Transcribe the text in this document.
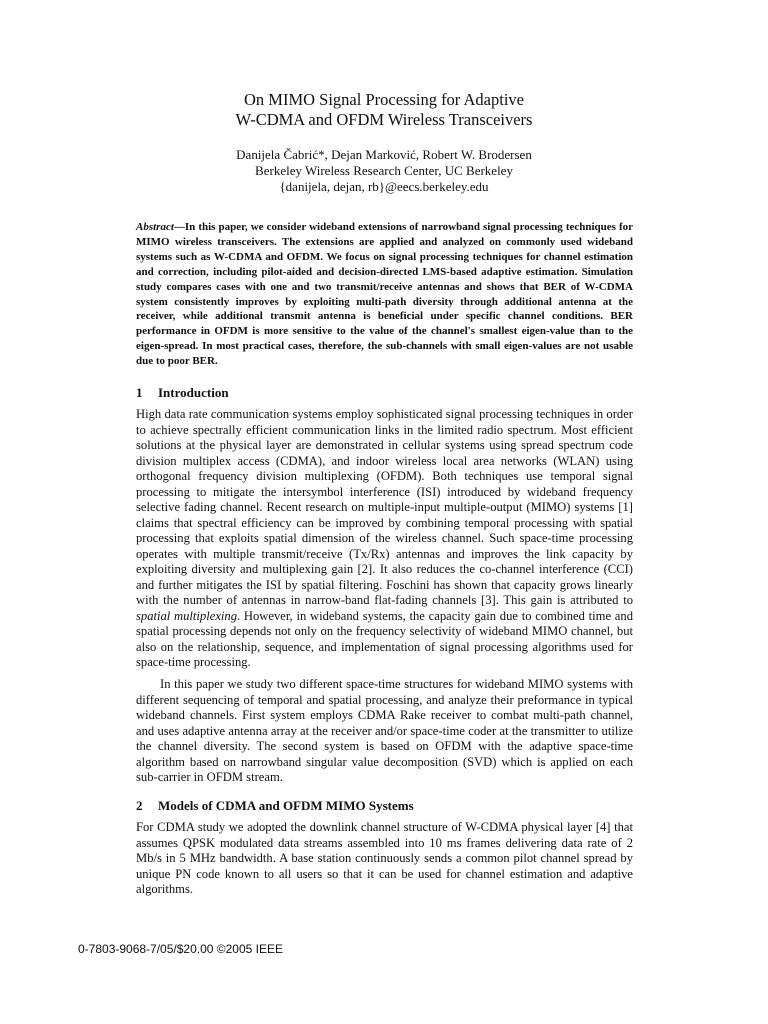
On MIMO Signal Processing for Adaptive
W-CDMA and OFDM Wireless Transceivers
Danijela Čabrić*, Dejan Marković, Robert W. Brodersen
Berkeley Wireless Research Center, UC Berkeley
{danijela, dejan, rb}@eecs.berkeley.edu
Abstract—In this paper, we consider wideband extensions of narrowband signal processing techniques for MIMO wireless transceivers. The extensions are applied and analyzed on commonly used wideband systems such as W-CDMA and OFDM. We focus on signal processing techniques for channel estimation and correction, including pilot-aided and decision-directed LMS-based adaptive estimation. Simulation study compares cases with one and two transmit/receive antennas and shows that BER of W-CDMA system consistently improves by exploiting multi-path diversity through additional antenna at the receiver, while additional transmit antenna is beneficial under specific channel conditions. BER performance in OFDM is more sensitive to the value of the channel's smallest eigen-value than to the eigen-spread. In most practical cases, therefore, the sub-channels with small eigen-values are not usable due to poor BER.
1 Introduction

High data rate communication systems employ sophisticated signal processing techniques in order to achieve spectrally efficient communication links in the limited radio spectrum. Most efficient solutions at the physical layer are demonstrated in cellular systems using spread spectrum code division multiplex access (CDMA), and indoor wireless local area networks (WLAN) using orthogonal frequency division multiplexing (OFDM). Both techniques use temporal signal processing to mitigate the intersymbol interference (ISI) introduced by wideband frequency selective fading channel. Recent research on multiple-input multiple-output (MIMO) systems [1] claims that spectral efficiency can be improved by combining temporal processing with spatial processing that exploits spatial dimension of the wireless channel. Such space-time processing operates with multiple transmit/receive (Tx/Rx) antennas and improves the link capacity by exploiting diversity and multiplexing gain [2]. It also reduces the co-channel interference (CCI) and further mitigates the ISI by spatial filtering. Foschini has shown that capacity grows linearly with the number of antennas in narrow-band flat-fading channels [3]. This gain is attributed to spatial multiplexing. However, in wideband systems, the capacity gain due to combined time and spatial processing depends not only on the frequency selectivity of wideband MIMO channel, but also on the relationship, sequence, and implementation of signal processing algorithms used for space-time processing.

In this paper we study two different space-time structures for wideband MIMO systems with different sequencing of temporal and spatial processing, and analyze their preformance in typical wideband channels. First system employs CDMA Rake receiver to combat multi-path channel, and uses adaptive antenna array at the receiver and/or space-time coder at the transmitter to utilize the channel diversity. The second system is based on OFDM with the adaptive space-time algorithm based on narrowband singular value decomposition (SVD) which is applied on each sub-carrier in OFDM stream.

2 Models of CDMA and OFDM MIMO Systems

For CDMA study we adopted the downlink channel structure of W-CDMA physical layer [4] that assumes QPSK modulated data streams assembled into 10 ms frames delivering data rate of 2 Mb/s in 5 MHz bandwidth. A base station continuously sends a common pilot channel spread by unique PN code known to all users so that it can be used for channel estimation and adaptive algorithms.

0-7803-9068-7/05/$20.00 ©2005 IEEE
